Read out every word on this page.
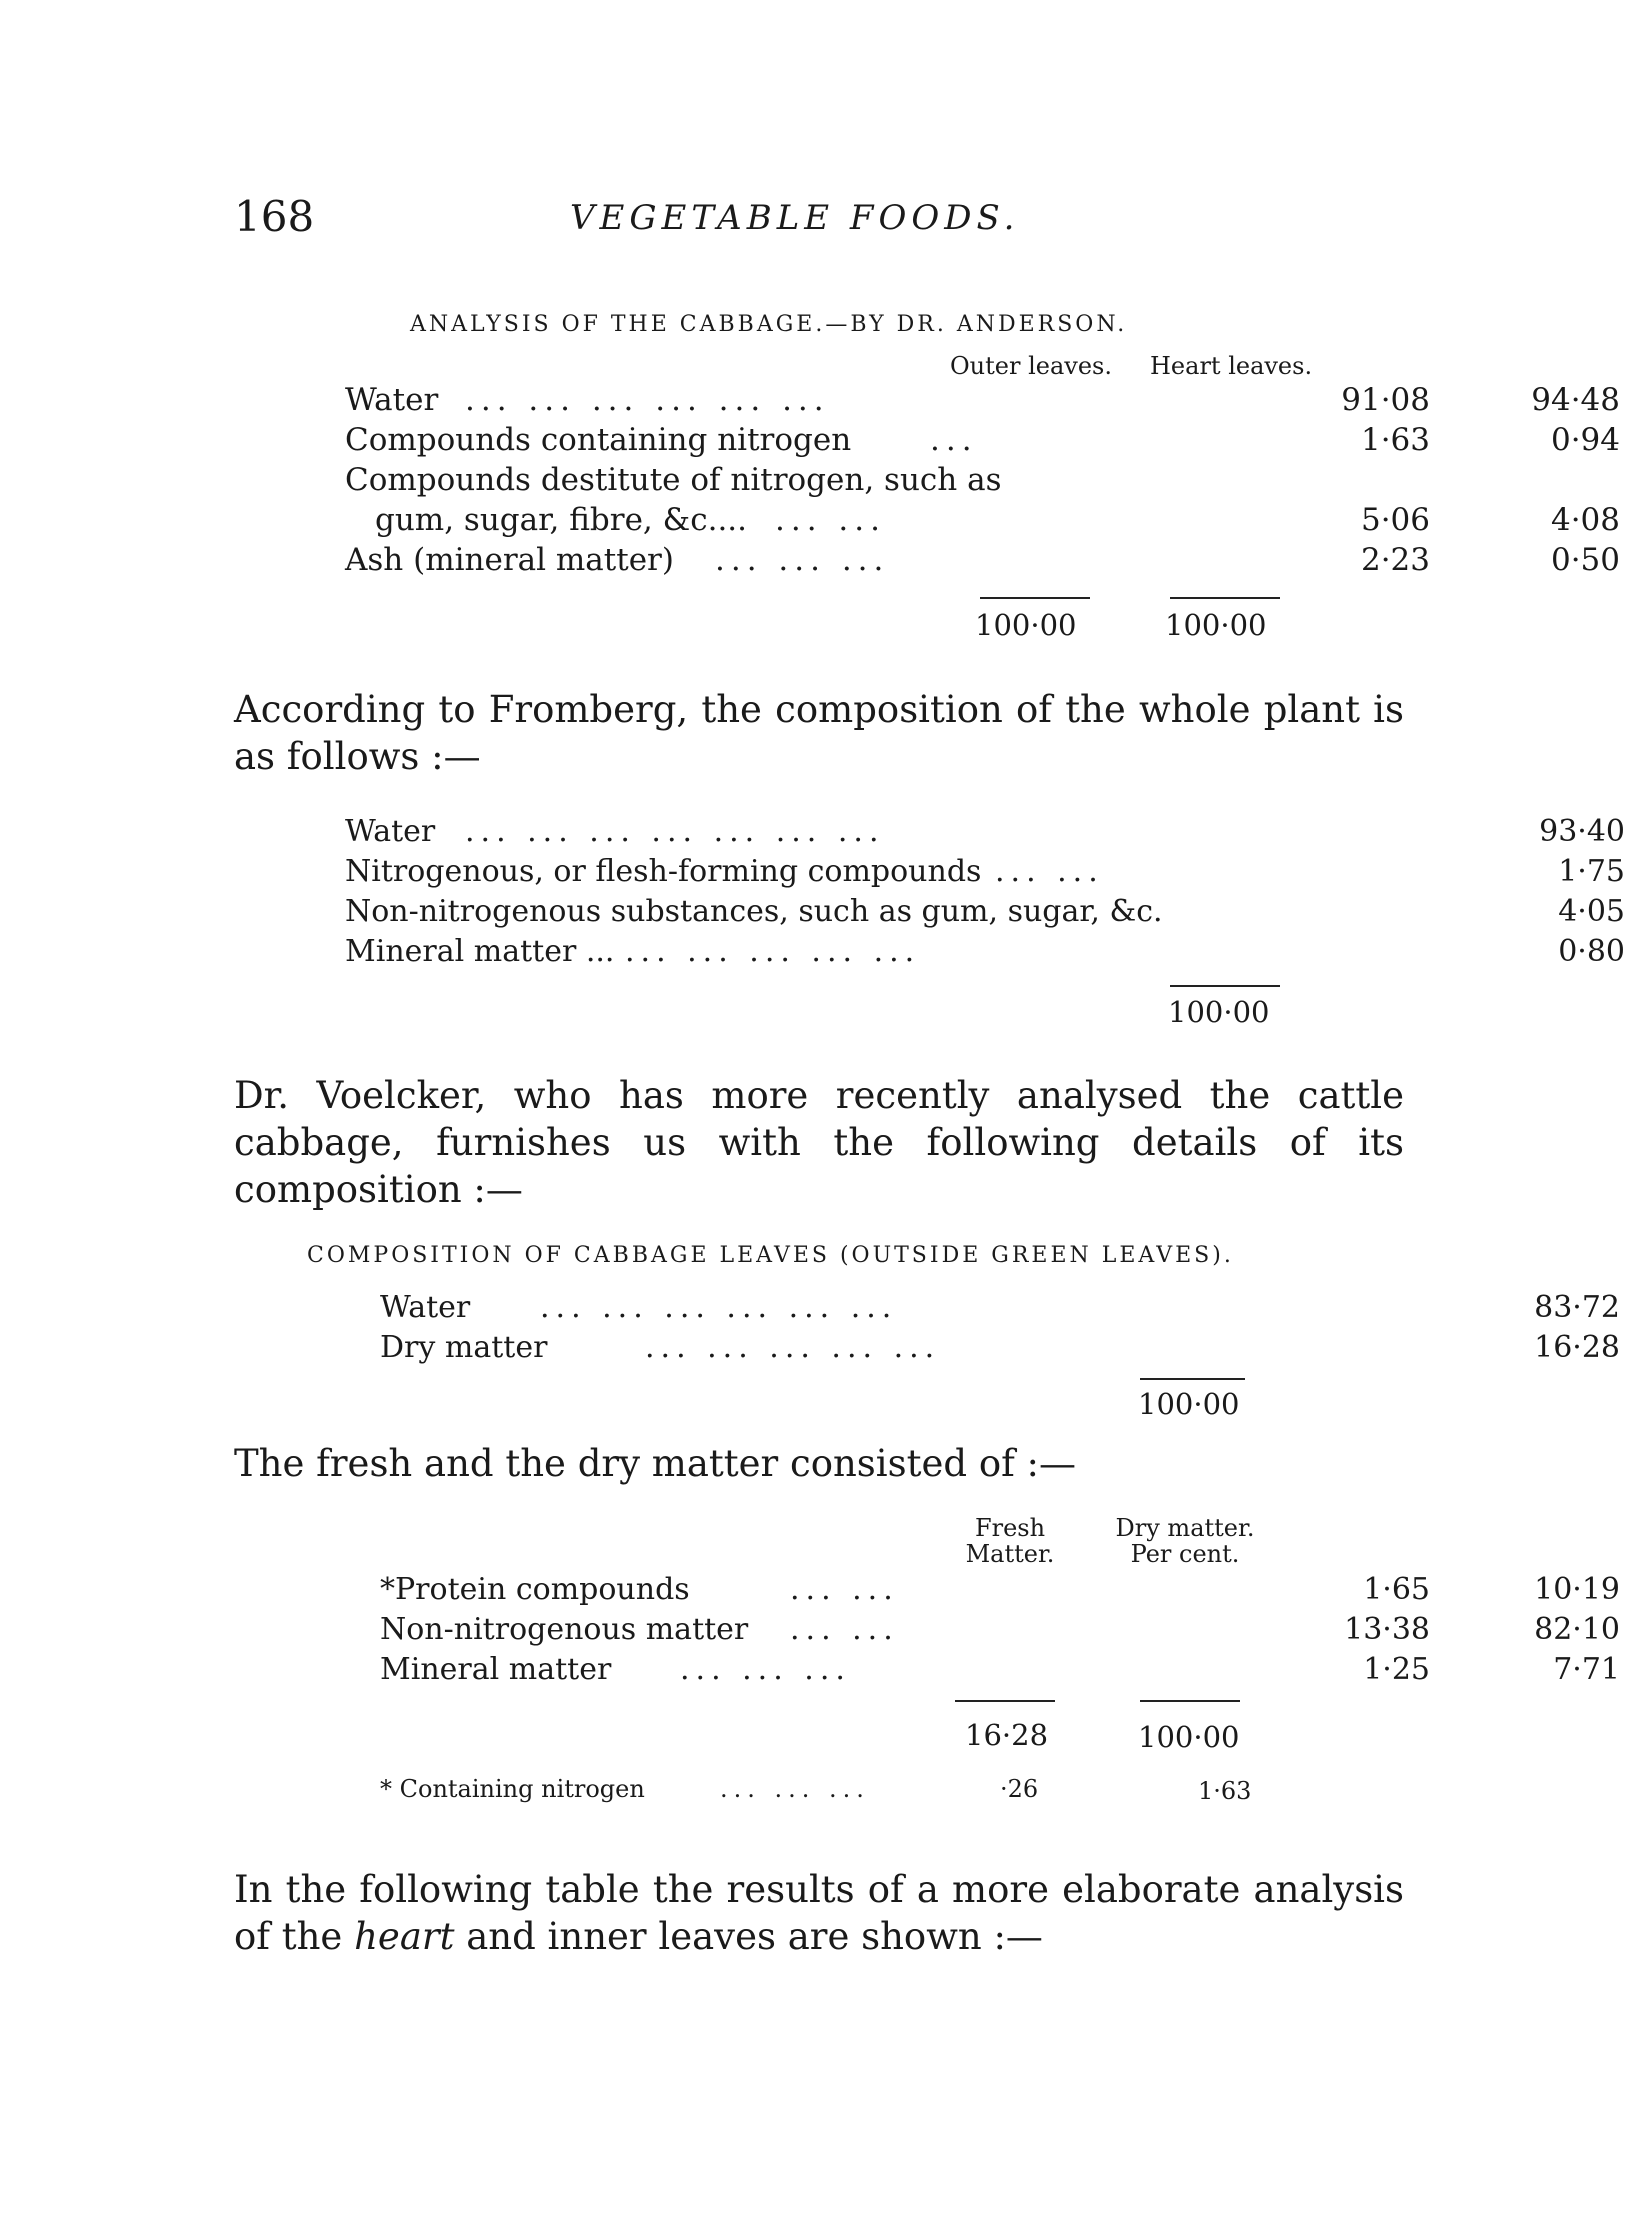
168	VEGETABLE FOODS.
ANALYSIS OF THE CABBAGE.—BY DR. ANDERSON.
Outer leaves. Heart leaves.
Water ... ... ... ... ... ...	91·08	94·48
Compounds containing nitrogen	...	1·63	0·94
Compounds destitute of nitrogen, such as
gum, sugar, fibre, &c.... ... ...	5·06	4·08
Ash (mineral matter) ... ... ...	2·23	0·50
100·00	100·00
According to Fromberg, the composition of the whole plant is as follows :—
Water ... ... ... ... ... ... ...	93·40
Nitrogenous, or flesh-forming compounds ... ...	1·75
Non-nitrogenous substances, such as gum, sugar, &c.	4·05
Mineral matter ... ... ... ... ... ...	0·80
100·00
Dr. Voelcker, who has more recently analysed the cattle cabbage, furnishes us with the following details of its composition :—
COMPOSITION OF CABBAGE LEAVES (OUTSIDE GREEN LEAVES).
Water ... ... ... ... ... ...	83·72
Dry matter	... ... ... ... ...	16·28
100·00
The fresh and the dry matter consisted of :—
Fresh
Matter.
Dry matter.
Per cent.
*Protein compounds	... ...	1·65	10·19
Non-nitrogenous matter ... ...	13·38	82·10
Mineral matter ... ... ...	1·25	7·71
16·28	100·00
* Containing nitrogen	... ... ...	·26	1·63
In the following table the results of a more elaborate analysis of the heart and inner leaves are shown :—
